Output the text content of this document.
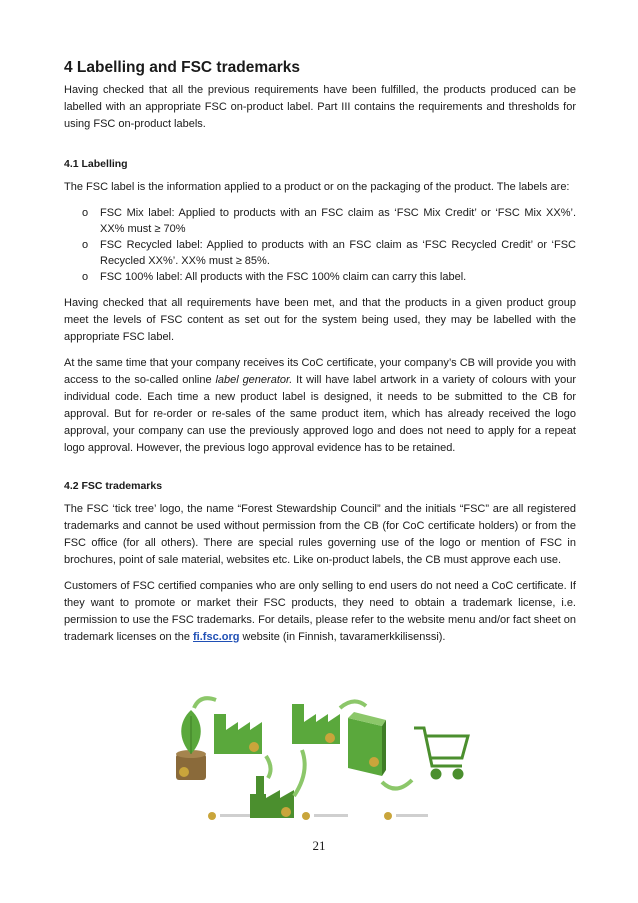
4 Labelling and FSC trademarks

Having checked that all the previous requirements have been fulfilled, the products produced can be labelled with an appropriate FSC on-product label. Part III contains the requirements and thresholds for using FSC on-product labels.

4.1 Labelling

The FSC label is the information applied to a product or on the packaging of the product. The labels are:

o FSC Mix label: Applied to products with an FSC claim as ‘FSC Mix Credit’ or ‘FSC Mix XX%’. XX% must ≥ 70%
o FSC Recycled label: Applied to products with an FSC claim as ‘FSC Recycled Credit’ or ‘FSC Recycled XX%’. XX% must ≥ 85%.
o FSC 100% label: All products with the FSC 100% claim can carry this label.

Having checked that all requirements have been met, and that the products in a given product group meet the levels of FSC content as set out for the system being used, they may be labelled with the appropriate FSC label.

At the same time that your company receives its CoC certificate, your company’s CB will provide you with access to the so-called online label generator. It will have label artwork in a variety of colours with your individual code. Each time a new product label is designed, it needs to be submitted to the CB for approval. But for re-order or re-sales of the same product item, which has already received the logo approval, your company can use the previously approved logo and does not need to apply for a repeat logo approval. However, the previous logo approval evidence has to be retained.

4.2 FSC trademarks

The FSC ‘tick tree’ logo, the name “Forest Stewardship Council” and the initials “FSC” are all registered trademarks and cannot be used without permission from the CB (for CoC certificate holders) or from the FSC office (for all others). There are special rules governing use of the logo or mention of FSC in brochures, point of sale material, websites etc. Like on-product labels, the CB must approve each use.

Customers of FSC certified companies who are only selling to end users do not need a CoC certificate. If they want to promote or market their FSC products, they need to obtain a trademark license, i.e. permission to use the FSC trademarks. For details, please refer to the website menu and/or fact sheet on trademark licenses on the fi.fsc.org website (in Finnish, tavaramerkkilisenssi).

21
